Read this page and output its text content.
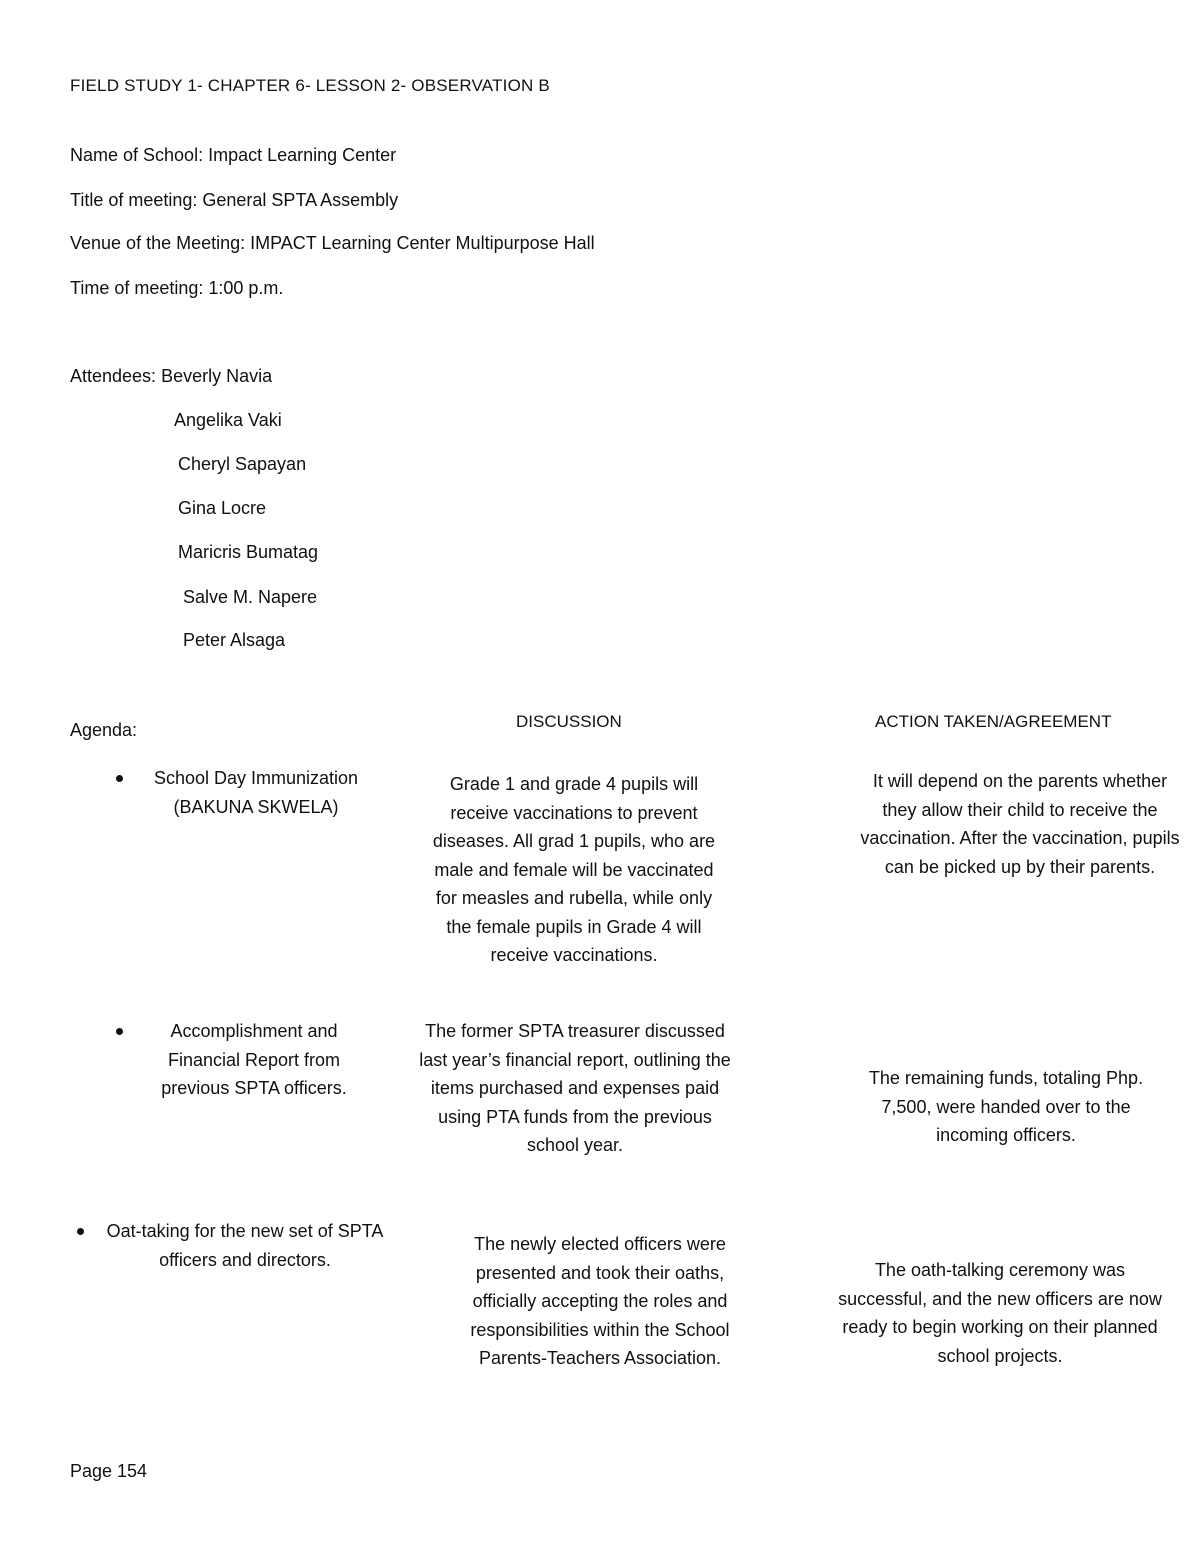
FIELD STUDY 1- CHAPTER 6- LESSON 2- OBSERVATION B
Name of School: Impact Learning Center
Title of meeting: General SPTA Assembly
Venue of the Meeting: IMPACT Learning Center Multipurpose Hall
Time of meeting: 1:00 p.m.
Attendees: Beverly Navia
Angelika Vaki
Cheryl Sapayan
Gina Locre
Maricris Bumatag
Salve M. Napere
Peter Alsaga
Agenda:	DISCUSSION	ACTION TAKEN/AGREEMENT
School Day Immunization (BAKUNA SKWELA)
Grade 1 and grade 4 pupils will receive vaccinations to prevent diseases. All grad 1 pupils, who are male and female will be vaccinated for measles and rubella, while only the female pupils in Grade 4 will receive vaccinations.
It will depend on the parents whether they allow their child to receive the vaccination. After the vaccination, pupils can be picked up by their parents.
Accomplishment and Financial Report from previous SPTA officers.
The former SPTA treasurer discussed last year’s financial report, outlining the items purchased and expenses paid using PTA funds from the previous school year.
The remaining funds, totaling Php. 7,500, were handed over to the incoming officers.
Oat-taking for the new set of SPTA officers and directors.
The newly elected officers were presented and took their oaths, officially accepting the roles and responsibilities within the School Parents-Teachers Association.
The oath-talking ceremony was successful, and the new officers are now ready to begin working on their planned school projects.
Page 154
